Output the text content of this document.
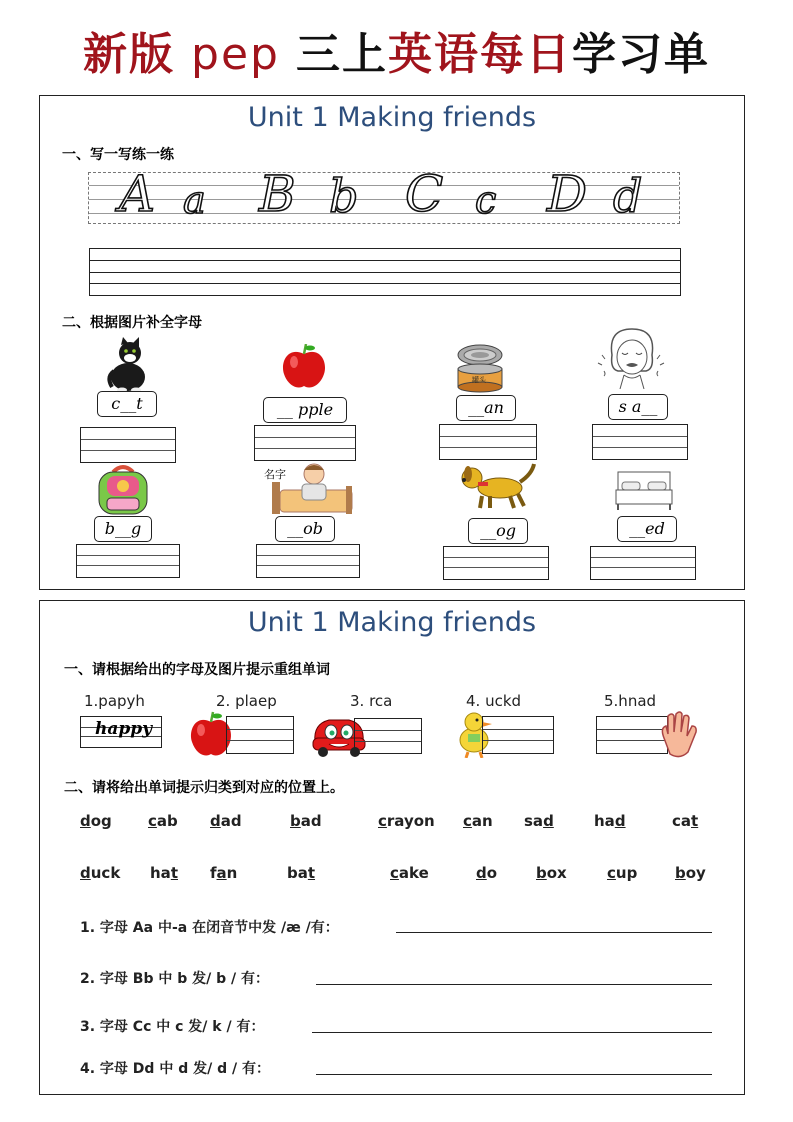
新版 pep 三上英语每日学习单
Unit 1 Making friends
一、写一写练一练
二、根据图片补全字母
A a B b C c D d
罐头
c__t	__ pple	__an	s a__
名字
b__g	__ob	__og	__ed
Unit 1 Making friends
一、请根据给出的字母及图片提示重组单词
二、请将给出单词提示归类到对应的位置上。
1.papyh	2. plaep	3. rca	4. uckd	5.hnad
happy
dog cab dad	bad	crayon can sad	had	cat
duck hat fan	bat	cake	do	box	cup	boy
1. 字母 Aa 中-a 在闭音节中发 /æ /有：
2. 字母 Bb 中 b 发/ b / 有：
3. 字母 Cc 中 c 发/ k / 有：
4. 字母 Dd 中 d 发/ d / 有：
